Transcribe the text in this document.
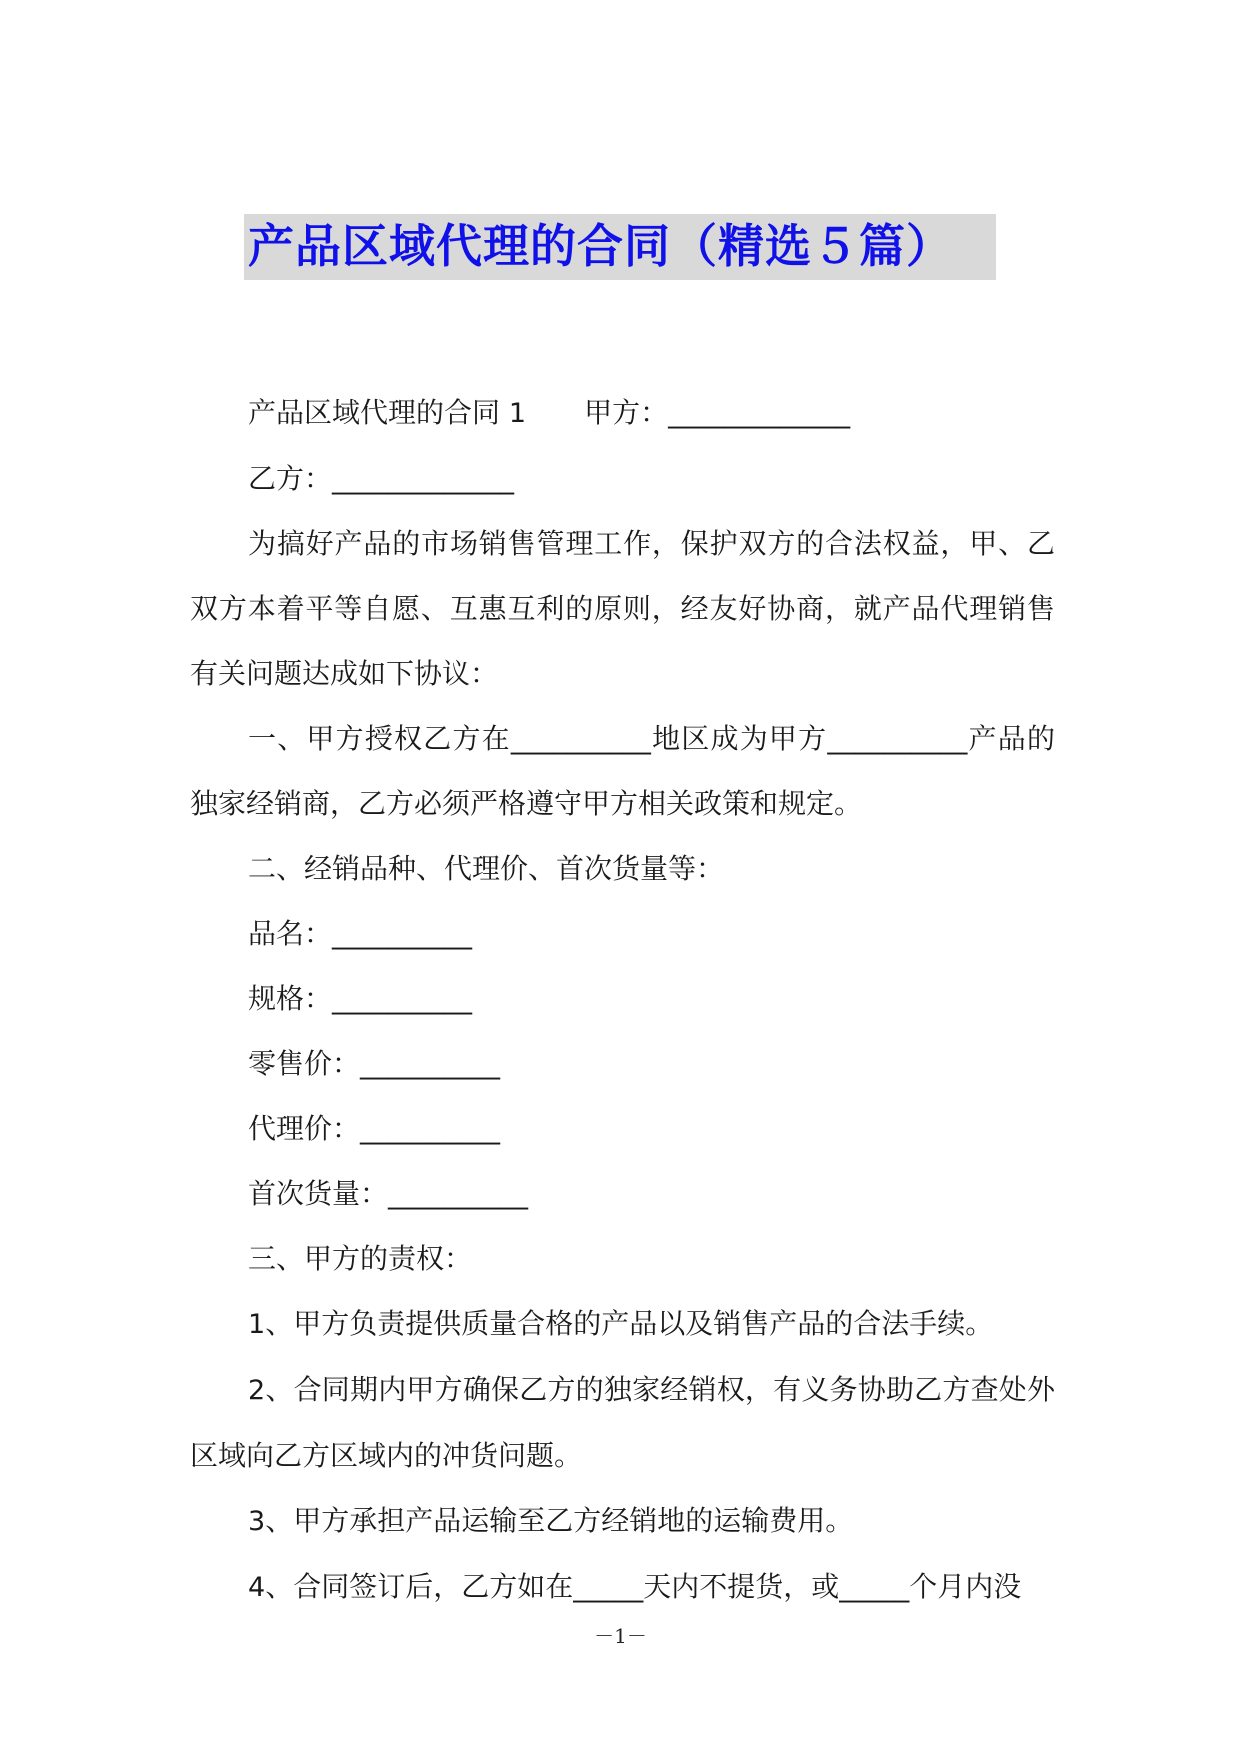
产品区域代理的合同（精选５篇）

产品区域代理的合同 1 甲方：_____________

乙方：_____________

为搞好产品的市场销售管理工作，保护双方的合法权益，甲、乙双方本着平等自愿、互惠互利的原则，经友好协商，就产品代理销售有关问题达成如下协议：

一、甲方授权乙方在__________地区成为甲方__________产品的独家经销商，乙方必须严格遵守甲方相关政策和规定。

二、经销品种、代理价、首次货量等：

品名：__________

规格：__________

零售价：__________

代理价：__________

首次货量：__________

三、甲方的责权：

1、甲方负责提供质量合格的产品以及销售产品的合法手续。

2、合同期内甲方确保乙方的独家经销权，有义务协助乙方查处外区域向乙方区域内的冲货问题。

3、甲方承担产品运输至乙方经销地的运输费用。

4、合同签订后，乙方如在_____天内不提货，或_____个月内没

－1－
